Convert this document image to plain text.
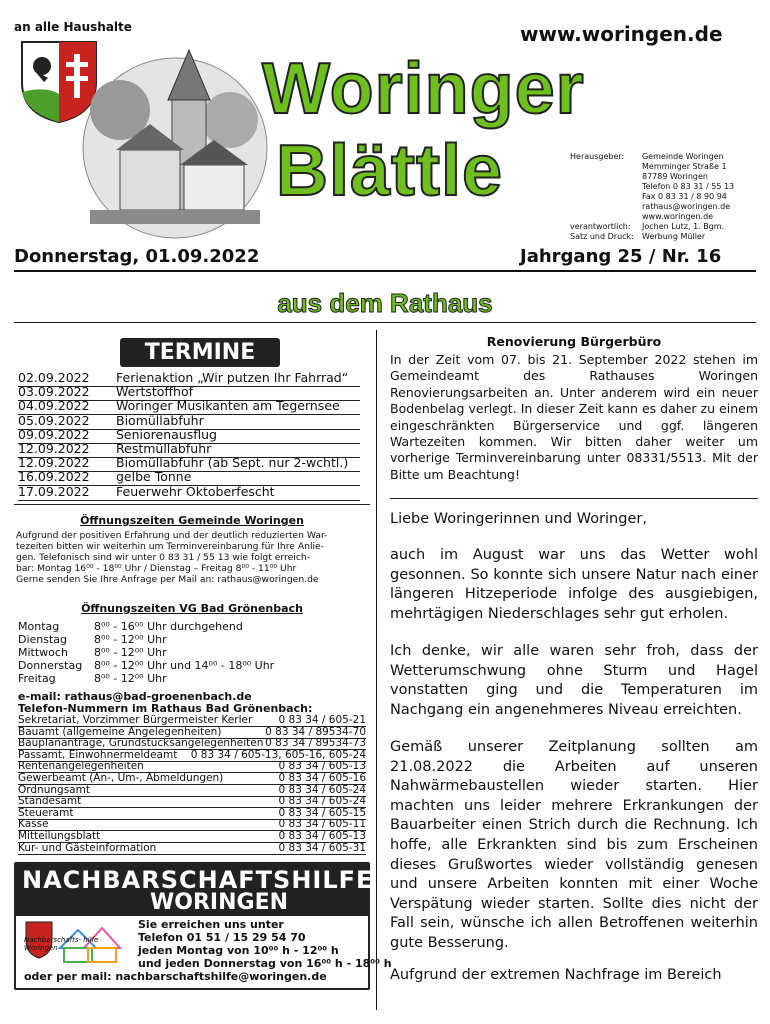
an alle Haushalte	www.woringen.de
Woringer
Blättle	Herausgeber: Gemeinde Woringen
Memminger Straße 1
87789 Woringen
Telefon 0 83 31 / 55 13
Fax 0 83 31 / 8 90 94
rathaus@woringen.de
www.woringen.de
verantwortlich: Jochen Lutz, 1. Bgm.
Satz und Druck: Werbung Müller
Donnerstag, 01.09.2022	Jahrgang 25 / Nr. 16
aus dem Rathaus
TERMINE
02.09.2022 Ferienaktion „Wir putzen Ihr Fahrrad“
03.09.2022 Wertstoffhof
04.09.2022 Woringer Musikanten am Tegernsee
05.09.2022 Biomüllabfuhr
09.09.2022 Seniorenausflug
12.09.2022 Restmüllabfuhr
12.09.2022 Biomüllabfuhr (ab Sept. nur 2-wchtl.)
16.09.2022 gelbe Tonne
17.09.2022 Feuerwehr Oktoberfescht
Öffnungszeiten Gemeinde Woringen
Aufgrund der positiven Erfahrung und der deutlich reduzierten War-
tezeiten bitten wir weiterhin um Terminvereinbarung für Ihre Anlie-
gen. Telefonisch sind wir unter 0 83 31 / 55 13 wie folgt erreich-
bar: Montag 16⁰⁰ - 18⁰⁰ Uhr / Dienstag – Freitag 8⁰⁰ - 11⁰⁰ Uhr
Gerne senden Sie Ihre Anfrage per Mail an: rathaus@woringen.de
Öffnungszeiten VG Bad Grönenbach
Montag	8⁰⁰ - 16⁰⁰ Uhr durchgehend
Dienstag 8⁰⁰ - 12⁰⁰ Uhr
Mittwoch 8⁰⁰ - 12⁰⁰ Uhr
Donnerstag 8⁰⁰ - 12⁰⁰ Uhr und 14⁰⁰ - 18⁰⁰ Uhr
Freitag	8⁰⁰ - 12⁰⁰ Uhr
e-mail: rathaus@bad-groenenbach.de
Telefon-Nummern im Rathaus Bad Grönenbach:
Sekretariat, Vorzimmer Bürgermeister Kerler	0 83 34 / 605-21
Bauamt (allgemeine Angelegenheiten)	0 83 34 / 89534-70
Bauplananträge, Grundstücksangelegenheiten 0 83 34 / 89534-73
Passamt, Einwohnermeldeamt 0 83 34 / 605-13, 605-16, 605-24
Rentenangelegenheiten	0 83 34 / 605-13
Gewerbeamt (An-, Um-, Abmeldungen)	0 83 34 / 605-16
Ordnungsamt	0 83 34 / 605-24
Standesamt	0 83 34 / 605-24
Steueramt	0 83 34 / 605-15
Kasse	0 83 34 / 605-11
Mitteilungsblatt	0 83 34 / 605-13
Kur- und Gästeinformation	0 83 34 / 605-31
NACHBARSCHAFTSHILFE
WORINGEN
Nachbarschafts- hilfe Woringen
Sie erreichen uns unter
Telefon 01 51 / 15 29 54 70
jeden Montag von 10⁰⁰ h - 12⁰⁰ h
und jeden Donnerstag von 16⁰⁰ h - 18⁰⁰ h
oder per mail: nachbarschaftshilfe@woringen.de
Renovierung Bürgerbüro
In der Zeit vom 07. bis 21. September 2022 stehen im Gemeindeamt des Rathauses Woringen Renovierungsarbeiten an. Unter anderem wird ein neuer Bodenbelag verlegt. In dieser Zeit kann es daher zu einem eingeschränkten Bürgerservice und ggf. längeren Wartezeiten kommen. Wir bitten daher weiter um vorherige Terminvereinbarung unter 08331/5513. Mit der Bitte um Beachtung!
Liebe Woringerinnen und Woringer,
auch im August war uns das Wetter wohl gesonnen. So konnte sich unsere Natur nach einer längeren Hitzeperiode infolge des ausgiebigen, mehrtägigen Niederschlages sehr gut erholen.
Ich denke, wir alle waren sehr froh, dass der Wetterumschwung ohne Sturm und Hagel vonstatten ging und die Temperaturen im Nachgang ein angenehmeres Niveau erreichten.
Gemäß unserer Zeitplanung sollten am 21.08.2022 die Arbeiten auf unseren Nahwärmebaustellen wieder starten. Hier machten uns leider mehrere Erkrankungen der Bauarbeiter einen Strich durch die Rechnung. Ich hoffe, alle Erkrankten sind bis zum Erscheinen dieses Grußwortes wieder vollständig genesen und unsere Arbeiten konnten mit einer Woche Verspätung wieder starten. Sollte dies nicht der Fall sein, wünsche ich allen Betroffenen weiterhin gute Besserung.
Aufgrund der extremen Nachfrage im Bereich
